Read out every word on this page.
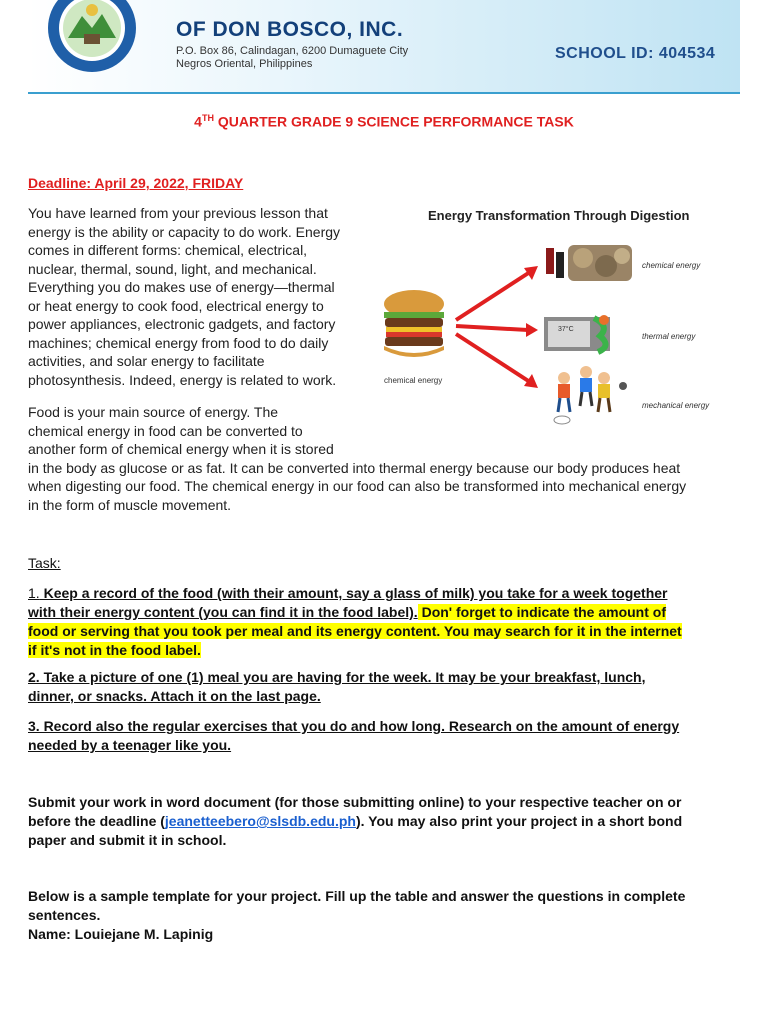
OF DON BOSCO, INC.
P.O. Box 86, Calindagan, 6200 Dumaguete City
Negros Oriental, Philippines
SCHOOL ID: 404534
4TH QUARTER GRADE 9 SCIENCE PERFORMANCE TASK
Deadline: April 29, 2022, FRIDAY
You have learned from your previous lesson that
energy is the ability or capacity to do work. Energy
comes in different forms: chemical, electrical,
nuclear, thermal, sound, light, and mechanical.
Everything you do makes use of energy—thermal
or heat energy to cook food, electrical energy to
power appliances, electronic gadgets, and factory
machines; chemical energy from food to do daily
activities, and solar energy to facilitate
photosynthesis. Indeed, energy is related to work.
Food is your main source of energy. The
chemical energy in food can be converted to
another form of chemical energy when it is stored
in the body as glucose or as fat. It can be converted into thermal energy because our body produces heat
when digesting our food. The chemical energy in our food can also be transformed into mechanical energy
in the form of muscle movement.
Energy Transformation Through Digestion
chemical energy
chemical energy
37°C
thermal energy
mechanical energy
Task:
1. Keep a record of the food (with their amount, say a glass of milk) you take for a week together
with their energy content (you can find it in the food label). Don' forget to indicate the amount of
food or serving that you took per meal and its energy content. You may search for it in the internet
if it's not in the food label.
2. Take a picture of one (1) meal you are having for the week. It may be your breakfast, lunch,
dinner, or snacks. Attach it on the last page.
3. Record also the regular exercises that you do and how long. Research on the amount of energy
needed by a teenager like you.
Submit your work in word document (for those submitting online) to your respective teacher on or
before the deadline (jeanetteebero@slsdb.edu.ph). You may also print your project in a short bond
paper and submit it in school.
Below is a sample template for your project. Fill up the table and answer the questions in complete
sentences.
Name: Louiejane M. Lapinig
